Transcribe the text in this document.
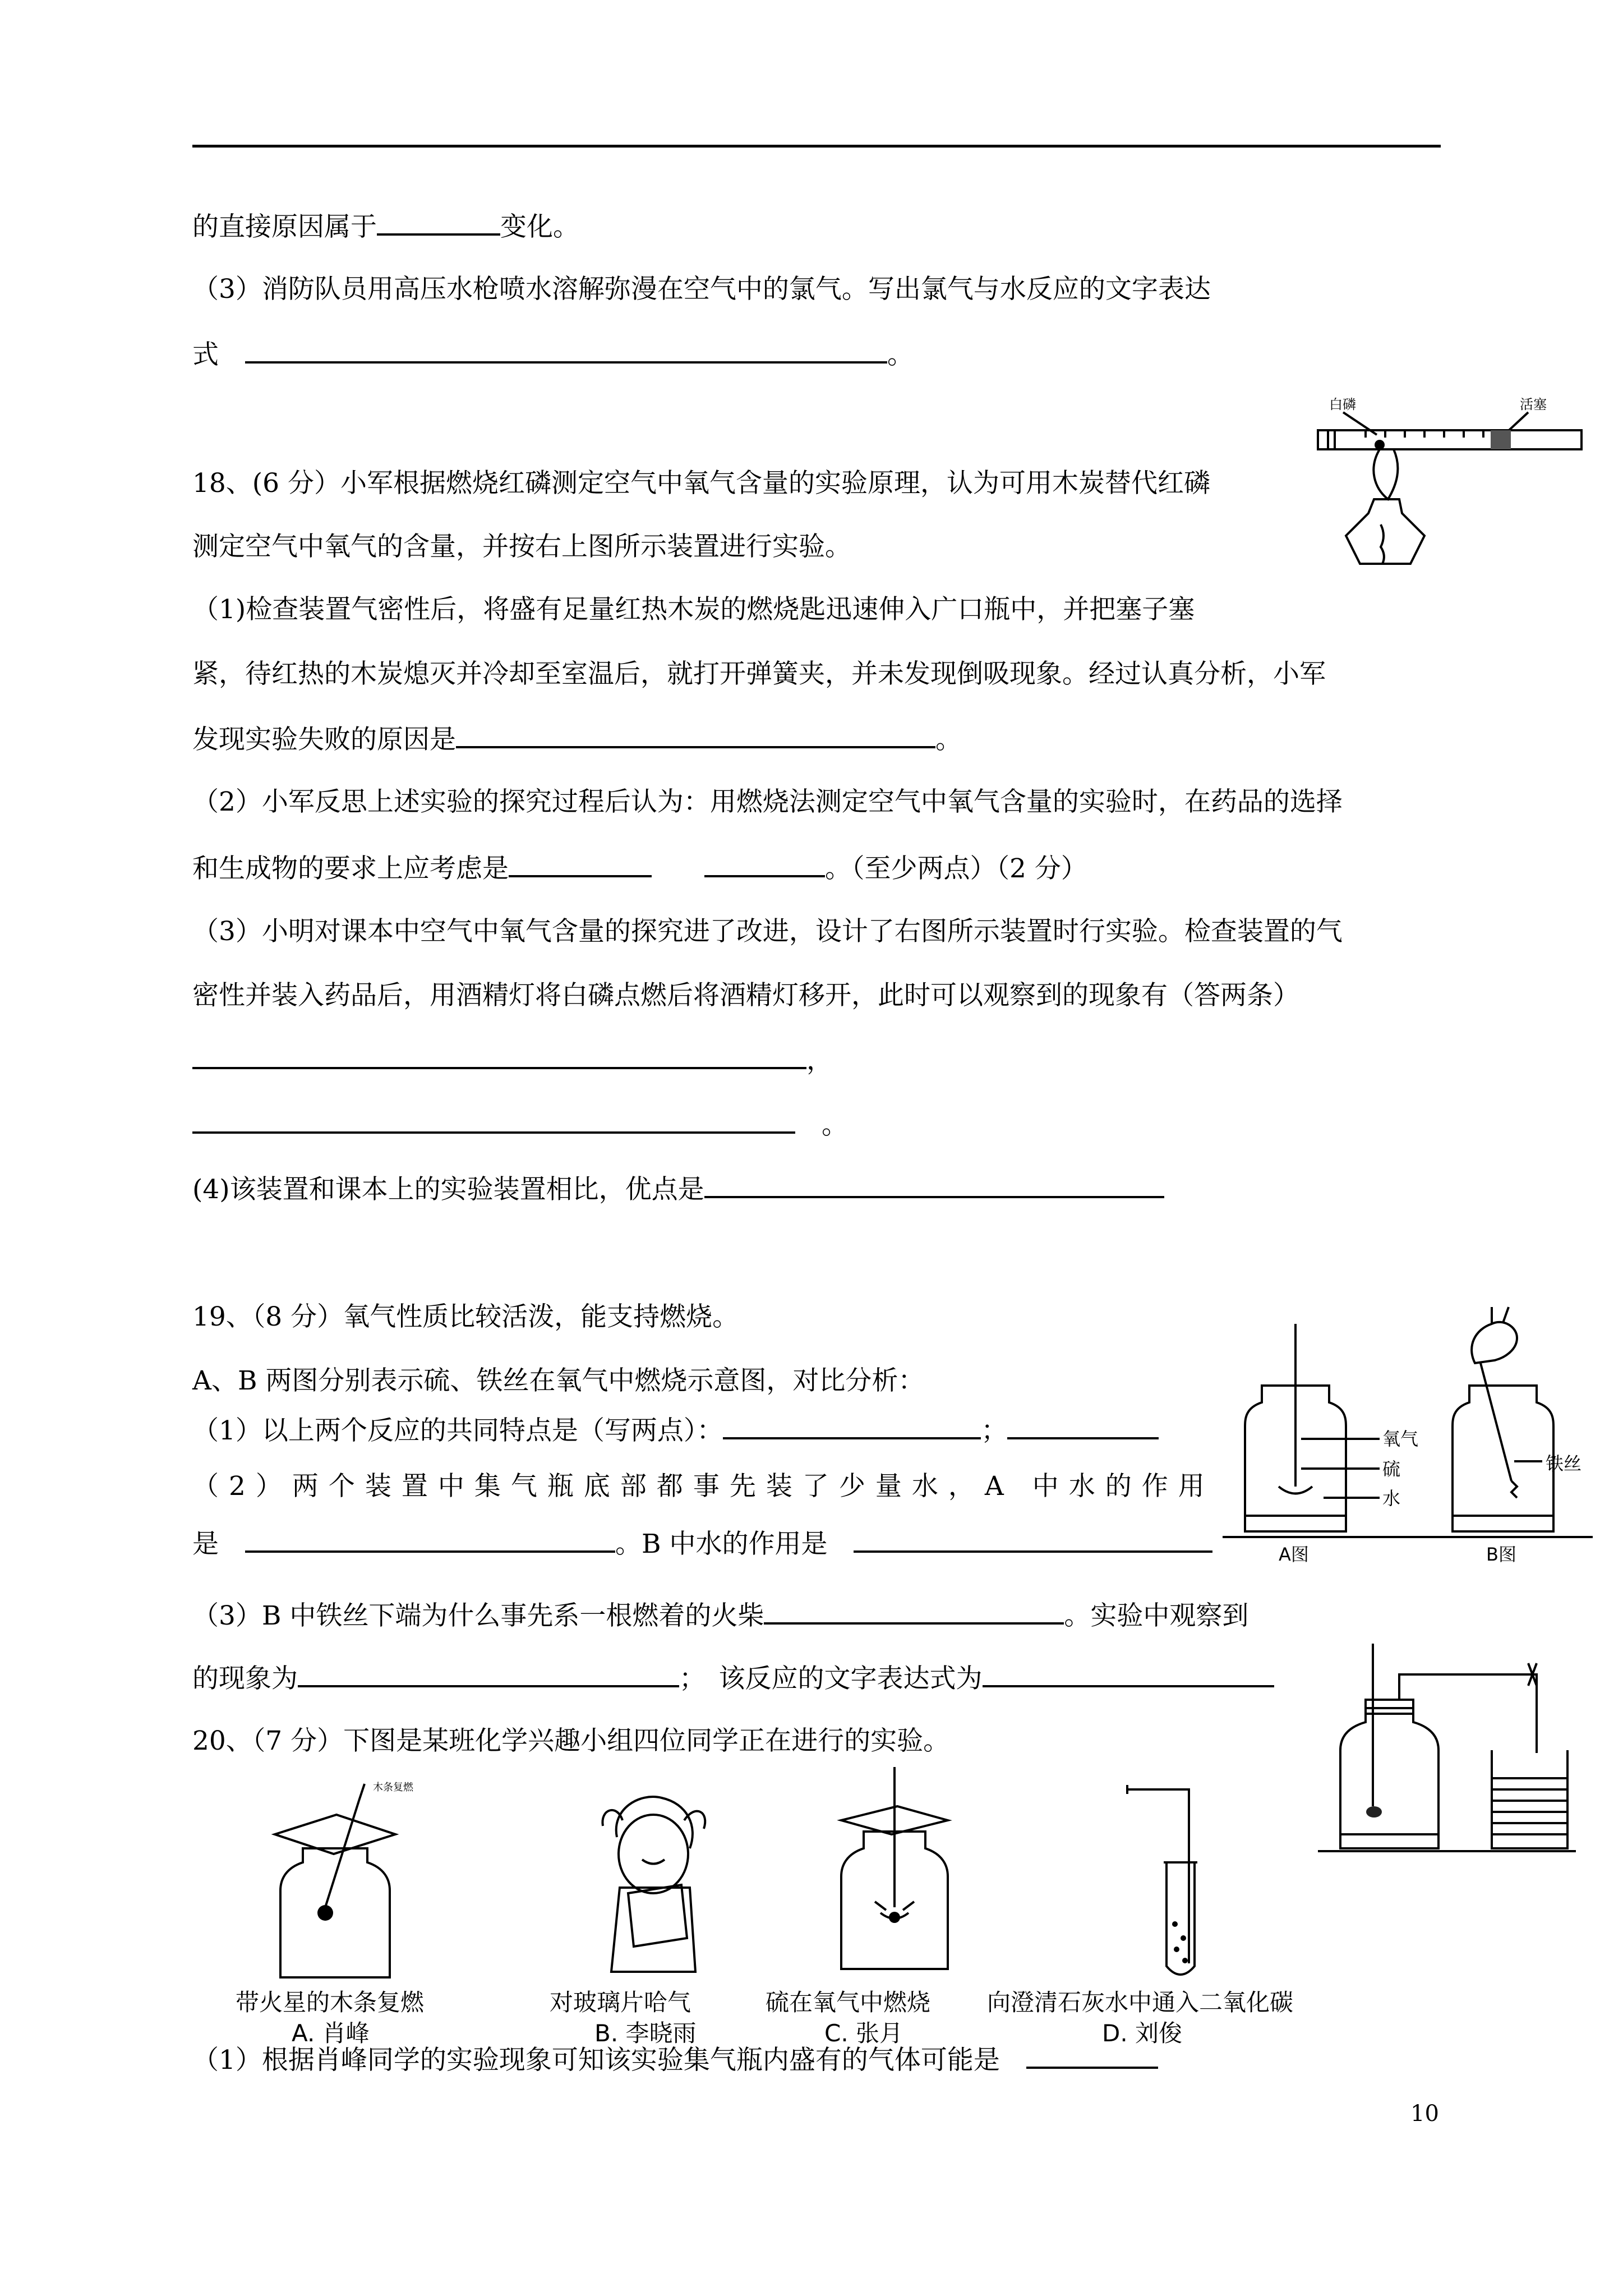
的直接原因属于	变化。
（3）消防队员用高压水枪喷水溶解弥漫在空气中的氯气。写出氯气与水反应的文字表达
式　	。
18、(6 分）小军根据燃烧红磷测定空气中氧气含量的实验原理，认为可用木炭替代红磷
测定空气中氧气的含量，并按右上图所示装置进行实验。
（1)检查装置气密性后，将盛有足量红热木炭的燃烧匙迅速伸入广口瓶中，并把塞子塞
紧，待红热的木炭熄灭并冷却至室温后，就打开弹簧夹，并未发现倒吸现象。经过认真分析，小军
发现实验失败的原因是	。
（2）小军反思上述实验的探究过程后认为：用燃烧法测定空气中氧气含量的实验时，在药品的选择
和生成物的要求上应考虑是　　	。（至少两点）（2 分）
（3）小明对课本中空气中氧气含量的探究进了改进，设计了右图所示装置时行实验。检查装置的气
密性并装入药品后，用酒精灯将白磷点燃后将酒精灯移开，此时可以观察到的现象有（答两条）
，
　。
(4)该装置和课本上的实验装置相比，优点是
19、（8 分）氧气性质比较活泼，能支持燃烧。
A、B 两图分别表示硫、铁丝在氧气中燃烧示意图，对比分析：
（1）以上两个反应的共同特点是（写两点）：	；
（2）两个装置中集气瓶底部都事先装了少量水，A 中水的作用
是　	。B 中水的作用是　
（3）B 中铁丝下端为什么事先系一根燃着的火柴	。实验中观察到
的现象为	；　该反应的文字表达式为
20、（7 分）下图是某班化学兴趣小组四位同学正在进行的实验。
（1）根据肖峰同学的实验现象可知该实验集气瓶内盛有的气体可能是　
白磷	活塞
氧气
硫
水
铁丝
A图	B图
木条复燃
带火星的木条复燃
A. 肖峰
对玻璃片哈气
B. 李晓雨
硫在氧气中燃烧
C. 张月
向澄清石灰水中通入二氧化碳
D. 刘俊
10
